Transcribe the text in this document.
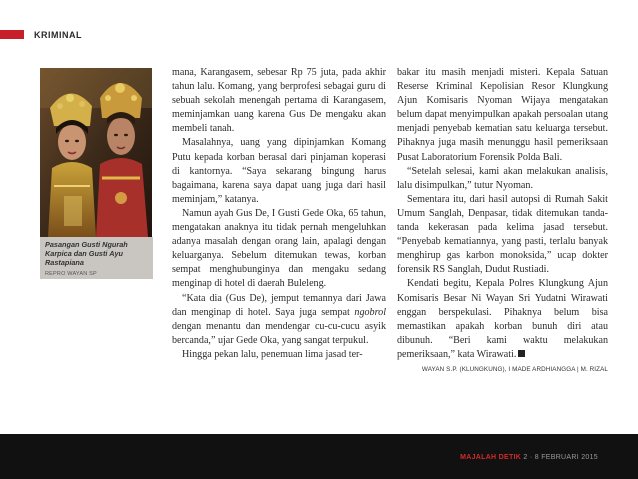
KRIMINAL
Pasangan Gusti Ngurah Karpica dan Gusti Ayu Rastapiana
REPRO WAYAN SP

mana, Karangasem, sebesar Rp 75 juta, pada akhir tahun lalu. Komang, yang berprofesi sebagai guru di sebuah sekolah menengah pertama di Karangasem, meminjamkan uang karena Gus De mengaku akan membeli tanah.

Masalahnya, uang yang dipinjamkan Komang Putu kepada korban berasal dari pinjaman koperasi di kantornya. “Saya sekarang bingung harus bagaimana, karena saya dapat uang juga dari hasil meminjam,” katanya.

Namun ayah Gus De, I Gusti Gede Oka, 65 tahun, mengatakan anaknya itu tidak pernah mengeluhkan adanya masalah dengan orang lain, apalagi dengan keluarganya. Sebelum ditemukan tewas, korban sempat menghubunginya dan mengaku sedang menginap di hotel di daerah Buleleng.

“Kata dia (Gus De), jemput temannya dari Jawa dan menginap di hotel. Saya juga sempat ngobrol dengan menantu dan mendengar cu-cu-cucu asyik bercanda,” ujar Gede Oka, yang sangat terpukul.

Hingga pekan lalu, penemuan lima jasad ter-

bakar itu masih menjadi misteri. Kepala Satuan Reserse Kriminal Kepolisian Resor Klungkung Ajun Komisaris Nyoman Wijaya mengatakan belum dapat menyimpulkan apakah persoalan utang menjadi penyebab kematian satu keluarga tersebut. Pihaknya juga masih menunggu hasil pemeriksaan Pusat Laboratorium Forensik Polda Bali.

“Setelah selesai, kami akan melakukan analisis, lalu disimpulkan,” tutur Nyoman.

Sementara itu, dari hasil autopsi di Rumah Sakit Umum Sanglah, Denpasar, tidak ditemukan tanda-tanda kekerasan pada kelima jasad tersebut. “Penyebab kematiannya, yang pasti, terlalu banyak menghirup gas karbon monoksida,” ucap dokter forensik RS Sanglah, Dudut Rustiadi.

Kendati begitu, Kepala Polres Klungkung Ajun Komisaris Besar Ni Wayan Sri Yudatni Wirawati enggan berspekulasi. Pihaknya belum bisa memastikan apakah korban bunuh diri atau dibunuh. “Beri kami waktu melakukan pemeriksaan,” kata Wirawati.

WAYAN S.P. (KLUNGKUNG), I MADE ARDHIANGGA | M. RIZAL
MAJALAH DETIK 2 · 8 FEBRUARI 2015
